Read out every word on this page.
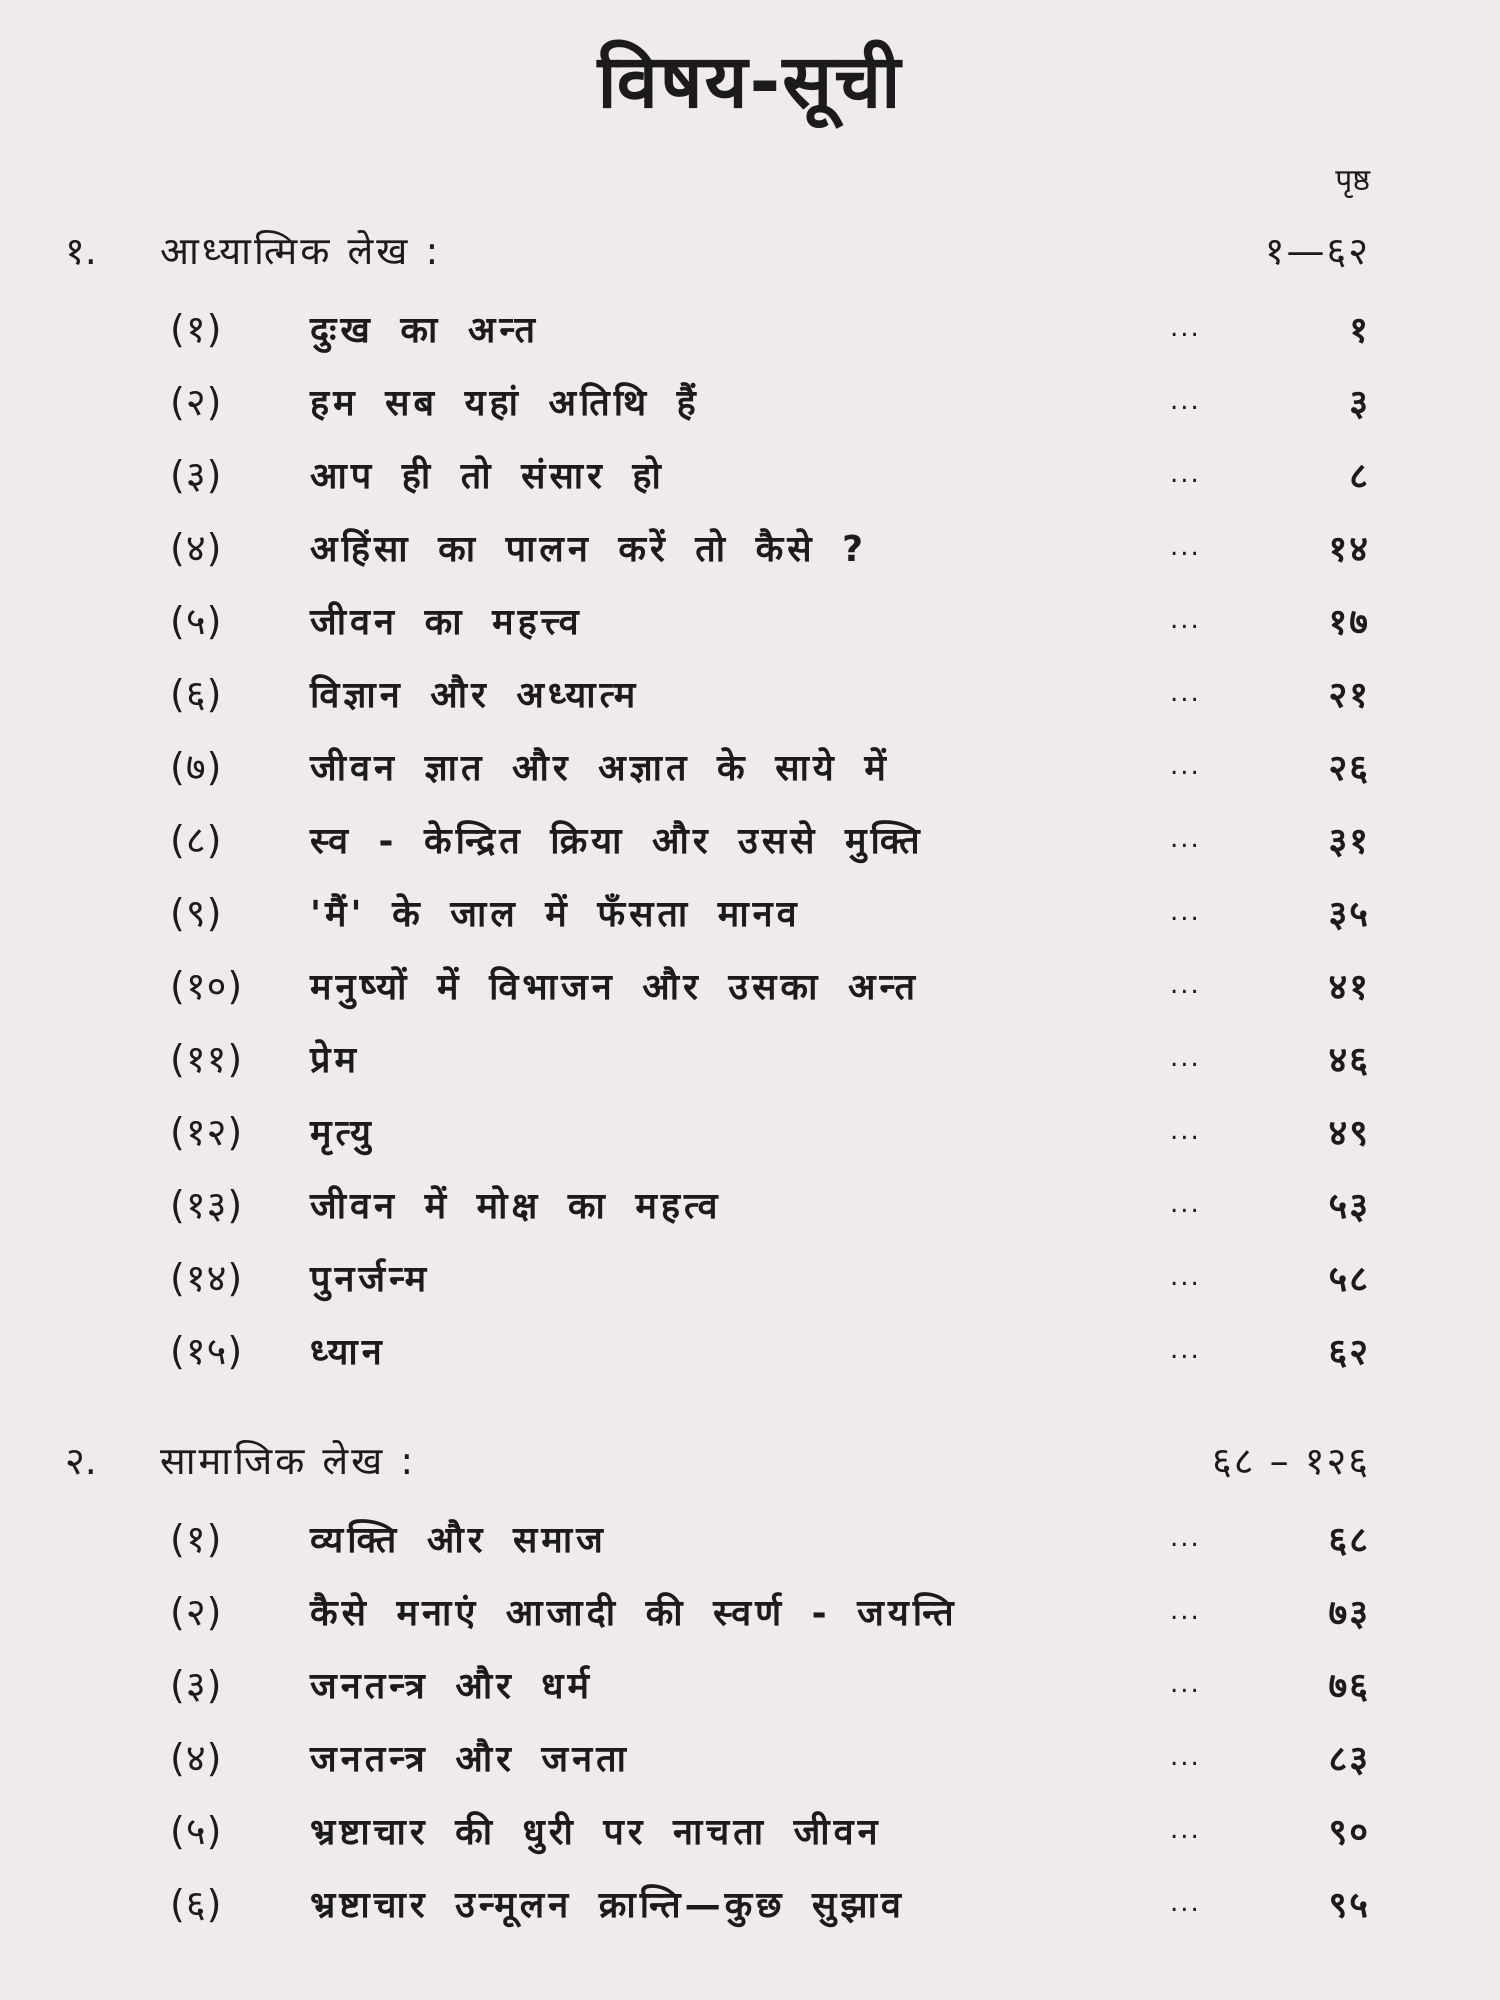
विषय-सूची
पृष्ठ
१.	आध्यात्मिक लेख :	१—६२
(१)	दुःख का अन्त	...	१
(२)	हम सब यहां अतिथि हैं	...	३
(३)	आप ही तो संसार हो	...	८
(४)	अहिंसा का पालन करें तो कैसे ?	...	१४
(५)	जीवन का महत्त्व	...	१७
(६)	विज्ञान और अध्यात्म	...	२१
(७)	जीवन ज्ञात और अज्ञात के साये में	...	२६
(८)	स्व - केन्द्रित क्रिया और उससे मुक्ति	...	३१
(९)	'मैं' के जाल में फँसता मानव	...	३५
(१०)	मनुष्यों में विभाजन और उसका अन्त	...	४१
(११)	प्रेम	...	४६
(१२)	मृत्यु	...	४९
(१३)	जीवन में मोक्ष का महत्व	...	५३
(१४)	पुनर्जन्म	...	५८
(१५)	ध्यान	...	६२
२.	सामाजिक लेख :	६८ – १२६
(१)	व्यक्ति और समाज	...	६८
(२)	कैसे मनाएं आजादी की स्वर्ण - जयन्ति	...	७३
(३)	जनतन्त्र और धर्म	...	७६
(४)	जनतन्त्र और जनता	...	८३
(५)	भ्रष्टाचार की धुरी पर नाचता जीवन	...	९०
(६)	भ्रष्टाचार उन्मूलन क्रान्ति—कुछ सुझाव	...	९५
